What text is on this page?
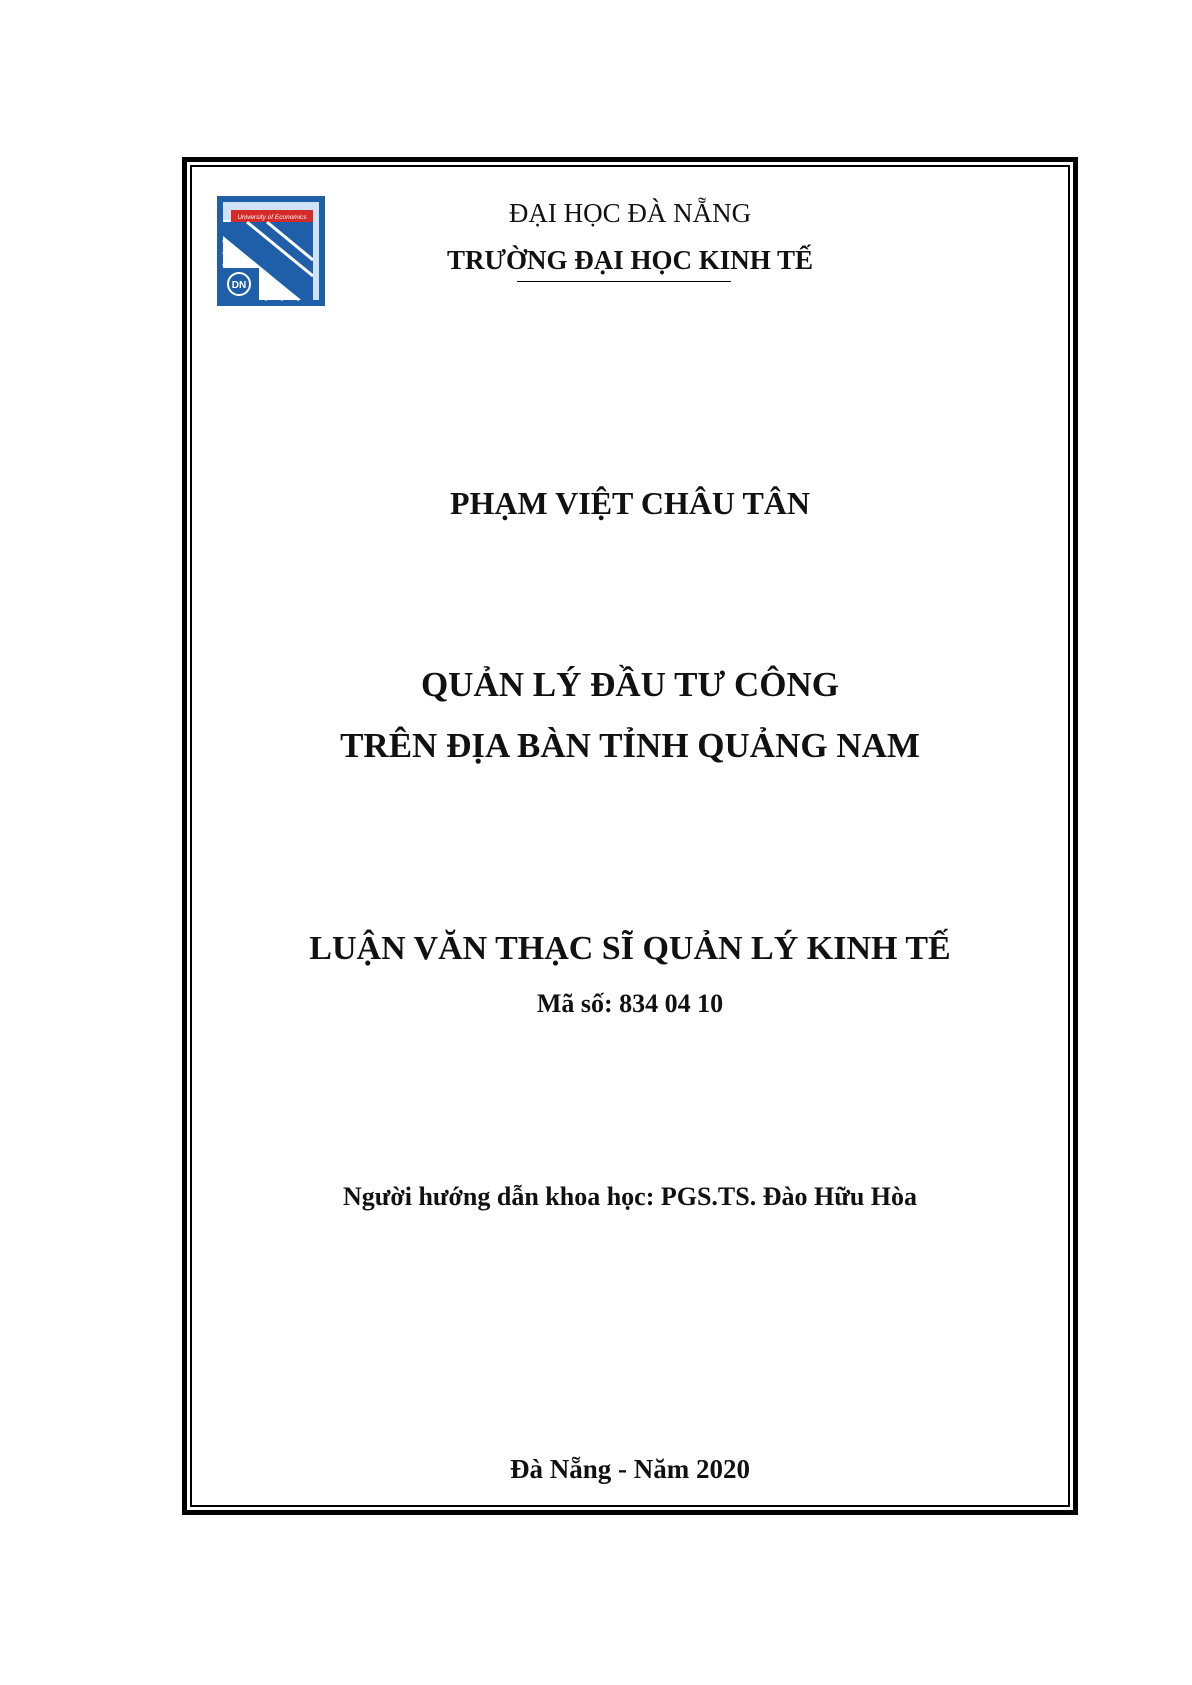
University of Economics
DN

ĐẠI HỌC ĐÀ NẴNG

TRƯỜNG ĐẠI HỌC KINH TẾ

PHẠM VIỆT CHÂU TÂN

QUẢN LÝ ĐẦU TƯ CÔNG

TRÊN ĐỊA BÀN TỈNH QUẢNG NAM

LUẬN VĂN THẠC SĨ QUẢN LÝ KINH TẾ

Mã số: 834 04 10

Người hướng dẫn khoa học: PGS.TS. Đào Hữu Hòa

Đà Nẵng - Năm 2020
